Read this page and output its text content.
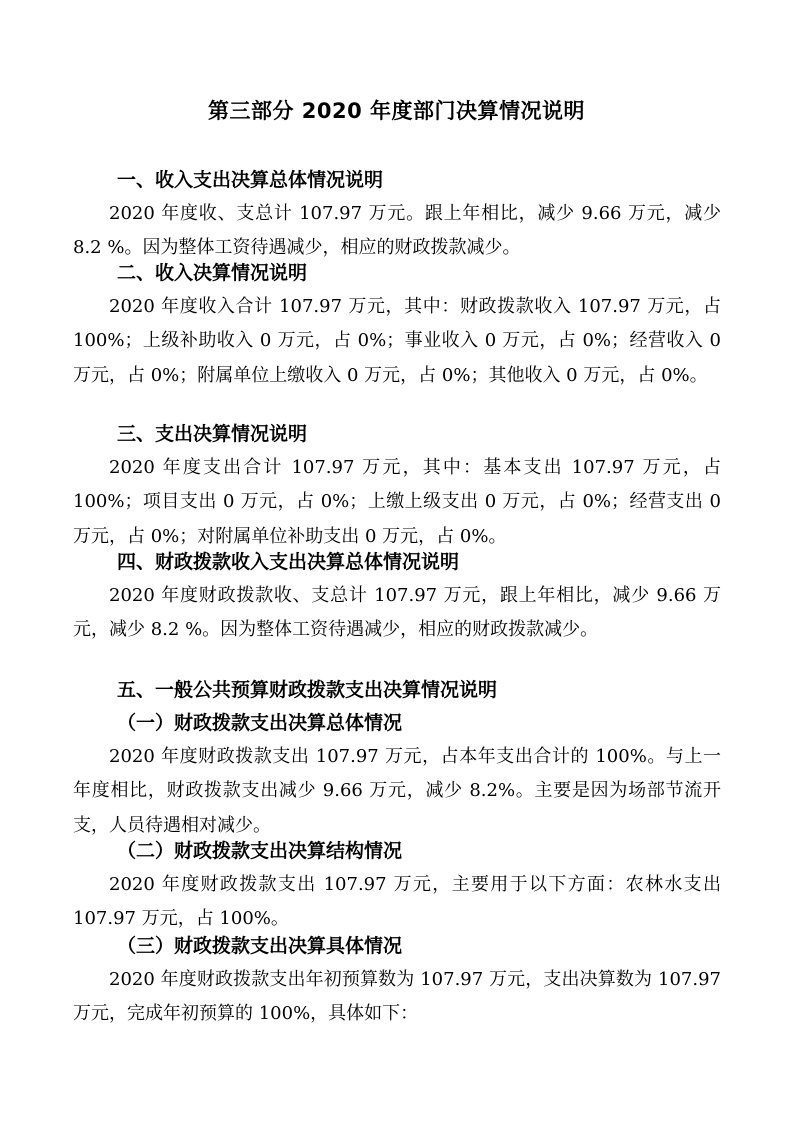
第三部分 2020 年度部门决算情况说明
一、收入支出决算总体情况说明
2020 年度收、支总计 107.97 万元。跟上年相比，减少 9.66 万元，减少 8.2 %。因为整体工资待遇减少，相应的财政拨款减少。
二、收入决算情况说明
2020 年度收入合计 107.97 万元，其中：财政拨款收入 107.97 万元，占 100%；上级补助收入 0 万元，占 0%；事业收入 0 万元，占 0%；经营收入 0 万元，占 0%；附属单位上缴收入 0 万元，占 0%；其他收入 0 万元，占 0%。
三、支出决算情况说明
2020 年度支出合计 107.97 万元，其中：基本支出 107.97 万元，占 100%；项目支出 0 万元，占 0%；上缴上级支出 0 万元，占 0%；经营支出 0 万元，占 0%；对附属单位补助支出 0 万元，占 0%。
四、财政拨款收入支出决算总体情况说明
2020 年度财政拨款收、支总计 107.97 万元，跟上年相比，减少 9.66 万元，减少 8.2 %。因为整体工资待遇减少，相应的财政拨款减少。
五、一般公共预算财政拨款支出决算情况说明
（一）财政拨款支出决算总体情况
2020 年度财政拨款支出 107.97 万元，占本年支出合计的 100%。与上一年度相比，财政拨款支出减少 9.66 万元，减少 8.2%。主要是因为场部节流开支，人员待遇相对减少。
（二）财政拨款支出决算结构情况
2020 年度财政拨款支出 107.97 万元，主要用于以下方面：农林水支出 107.97 万元，占 100%。
（三）财政拨款支出决算具体情况
2020 年度财政拨款支出年初预算数为 107.97 万元，支出决算数为 107.97 万元，完成年初预算的 100%，具体如下：
